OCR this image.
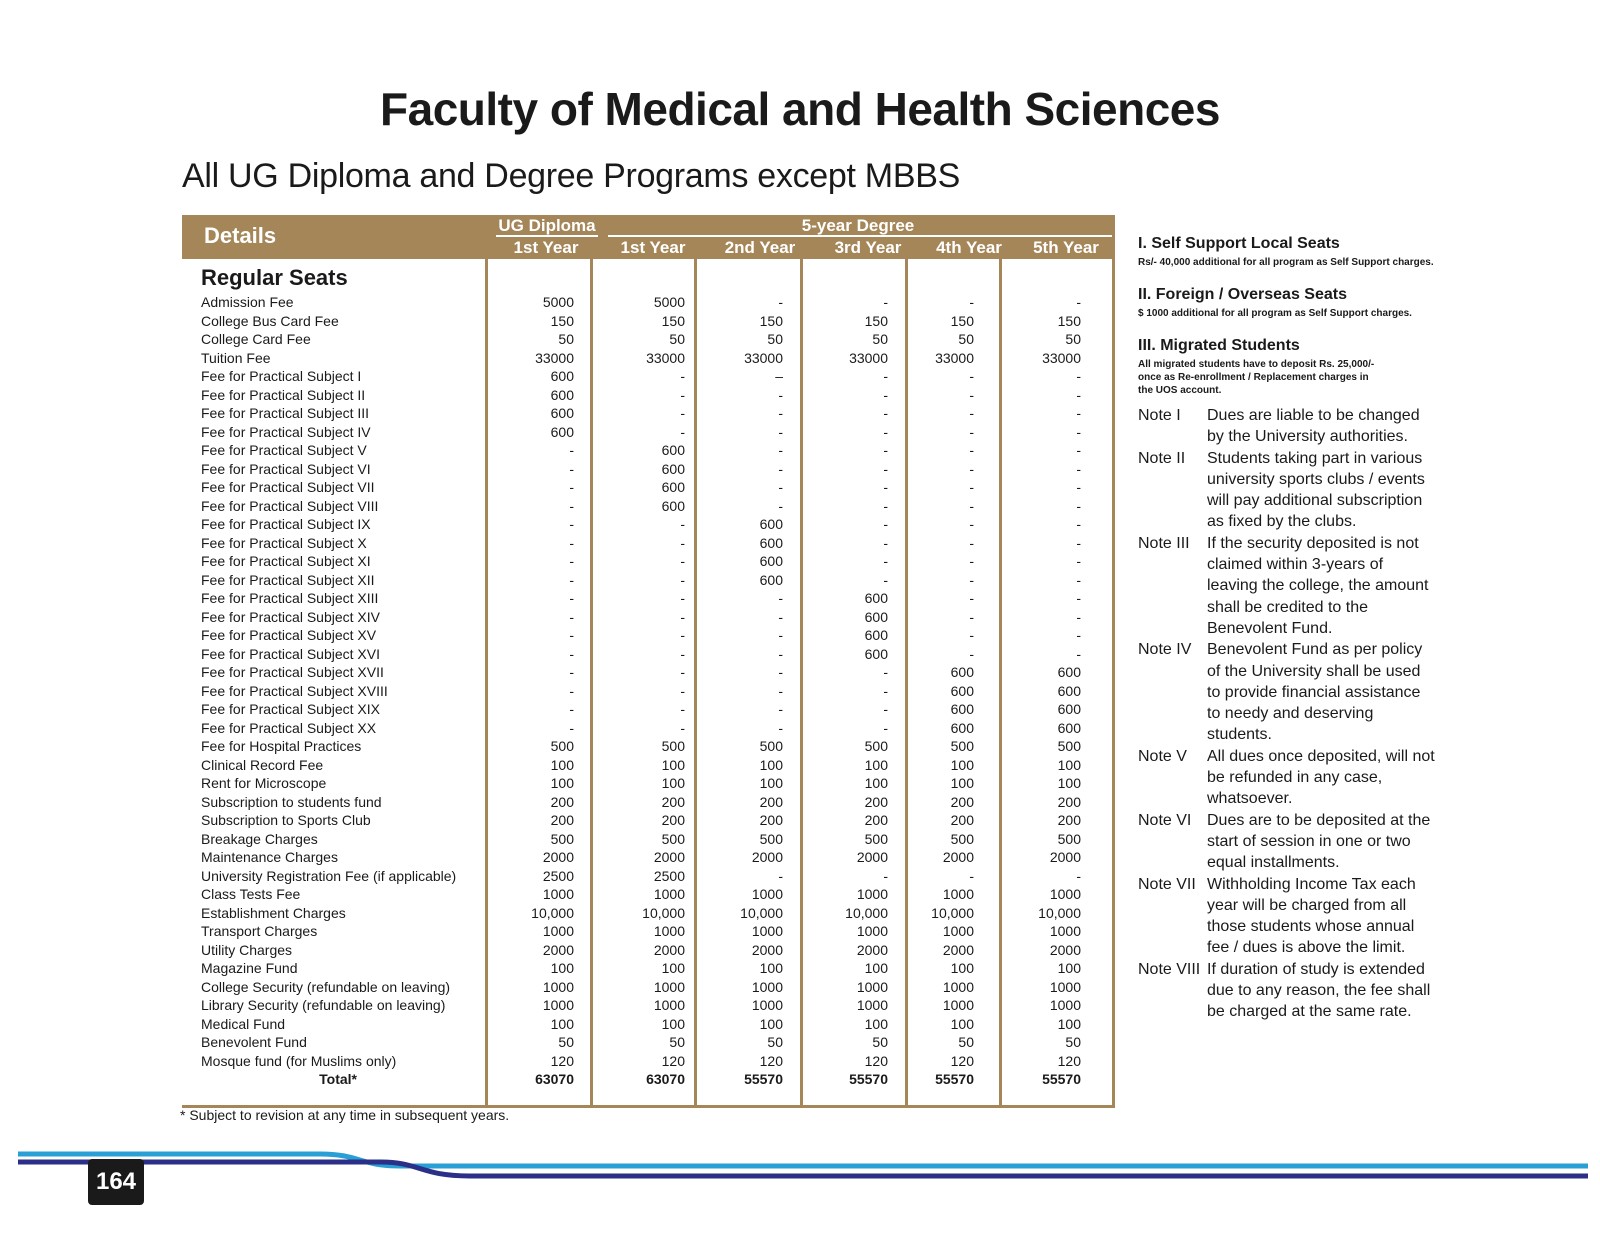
Faculty of Medical and Health Sciences
All UG Diploma and Degree Programs except MBBS
Details	UG Diploma	5-year Degree
1st Year	1st Year	2nd Year	3rd Year	4th Year	5th Year
Regular Seats
Admission Fee	5000	5000	-	-	-	-
College Bus Card Fee	150	150	150	150	150	150
College Card Fee	50	50	50	50	50	50
Tuition Fee	33000	33000	33000	33000	33000	33000
Fee for Practical Subject I	600	-	–	-	-	-
Fee for Practical Subject II	600	-	-	-	-	-
Fee for Practical Subject III	600	-	-	-	-	-
Fee for Practical Subject IV	600	-	-	-	-	-
Fee for Practical Subject V	-	600	-	-	-	-
Fee for Practical Subject VI	-	600	-	-	-	-
Fee for Practical Subject VII	-	600	-	-	-	-
Fee for Practical Subject VIII	-	600	-	-	-	-
Fee for Practical Subject IX	-	-	600	-	-	-
Fee for Practical Subject X	-	-	600	-	-	-
Fee for Practical Subject XI	-	-	600	-	-	-
Fee for Practical Subject XII	-	-	600	-	-	-
Fee for Practical Subject XIII	-	-	-	600	-	-
Fee for Practical Subject XIV	-	-	-	600	-	-
Fee for Practical Subject XV	-	-	-	600	-	-
Fee for Practical Subject XVI	-	-	-	600	-	-
Fee for Practical Subject XVII	-	-	-	-	600	600
Fee for Practical Subject XVIII	-	-	-	-	600	600
Fee for Practical Subject XIX	-	-	-	-	600	600
Fee for Practical Subject XX	-	-	-	-	600	600
Fee for Hospital Practices	500	500	500	500	500	500
Clinical Record Fee	100	100	100	100	100	100
Rent for Microscope	100	100	100	100	100	100
Subscription to students fund	200	200	200	200	200	200
Subscription to Sports Club	200	200	200	200	200	200
Breakage Charges	500	500	500	500	500	500
Maintenance Charges	2000	2000	2000	2000	2000	2000
University Registration Fee (if applicable)	2500	2500	-	-	-	-
Class Tests Fee	1000	1000	1000	1000	1000	1000
Establishment Charges	10,000	10,000	10,000	10,000	10,000	10,000
Transport Charges	1000	1000	1000	1000	1000	1000
Utility Charges	2000	2000	2000	2000	2000	2000
Magazine Fund	100	100	100	100	100	100
College Security (refundable on leaving)	1000	1000	1000	1000	1000	1000
Library Security (refundable on leaving)	1000	1000	1000	1000	1000	1000
Medical Fund	100	100	100	100	100	100
Benevolent Fund	50	50	50	50	50	50
Mosque fund (for Muslims only)	120	120	120	120	120	120
Total*	63070	63070	55570	55570	55570	55570
* Subject to revision at any time in subsequent years.
I. Self Support Local Seats
Rs/- 40,000 additional for all program as Self Support charges.
II. Foreign / Overseas Seats
$ 1000 additional for all program as Self Support charges.
III. Migrated Students
All migrated students have to deposit Rs. 25,000/- once as Re-enrollment / Replacement charges in the UOS account.
Note I Dues are liable to be changed by the University authorities.
Note II Students taking part in various university sports clubs / events will pay additional subscription as fixed by the clubs.
Note III If the security deposited is not claimed within 3-years of leaving the college, the amount shall be credited to the Benevolent Fund.
Note IV Benevolent Fund as per policy of the University shall be used to provide financial assistance to needy and deserving students.
Note V All dues once deposited, will not be refunded in any case, whatsoever.
Note VI Dues are to be deposited at the start of session in one or two equal installments.
Note VII Withholding Income Tax each year will be charged from all those students whose annual fee / dues is above the limit.
Note VIII If duration of study is extended due to any reason, the fee shall be charged at the same rate.
164
